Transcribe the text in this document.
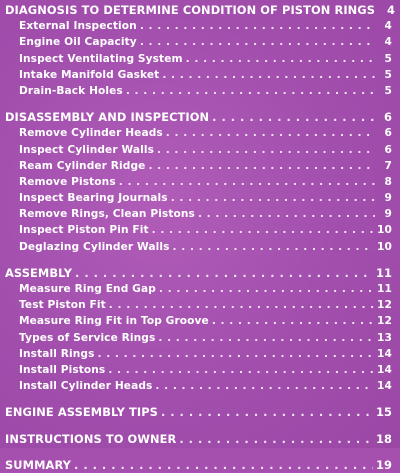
DIAGNOSIS TO DETERMINE CONDITION OF PISTON RINGS	4
External Inspection . . .	4
Engine Oil Capacity . . .	4
Inspect Ventilating System . . .	5
Intake Manifold Gasket . . .	5
Drain-Back Holes . . .	5
DISASSEMBLY AND INSPECTION . . .	6
Remove Cylinder Heads . . .	6
Inspect Cylinder Walls . . .	6
Ream Cylinder Ridge . . .	7
Remove Pistons . . .	8
Inspect Bearing Journals . . .	9
Remove Rings, Clean Pistons . . .	9
Inspect Piston Pin Fit . . .	10
Deglazing Cylinder Walls . . .	10
ASSEMBLY . . .	11
Measure Ring End Gap . . .	11
Test Piston Fit . . .	12
Measure Ring Fit in Top Groove . . .	12
Types of Service Rings . . .	13
Install Rings . . .	14
Install Pistons . . .	14
Install Cylinder Heads . . .	14
ENGINE ASSEMBLY TIPS . . .	15
INSTRUCTIONS TO OWNER . . .	18
SUMMARY . . .	19
